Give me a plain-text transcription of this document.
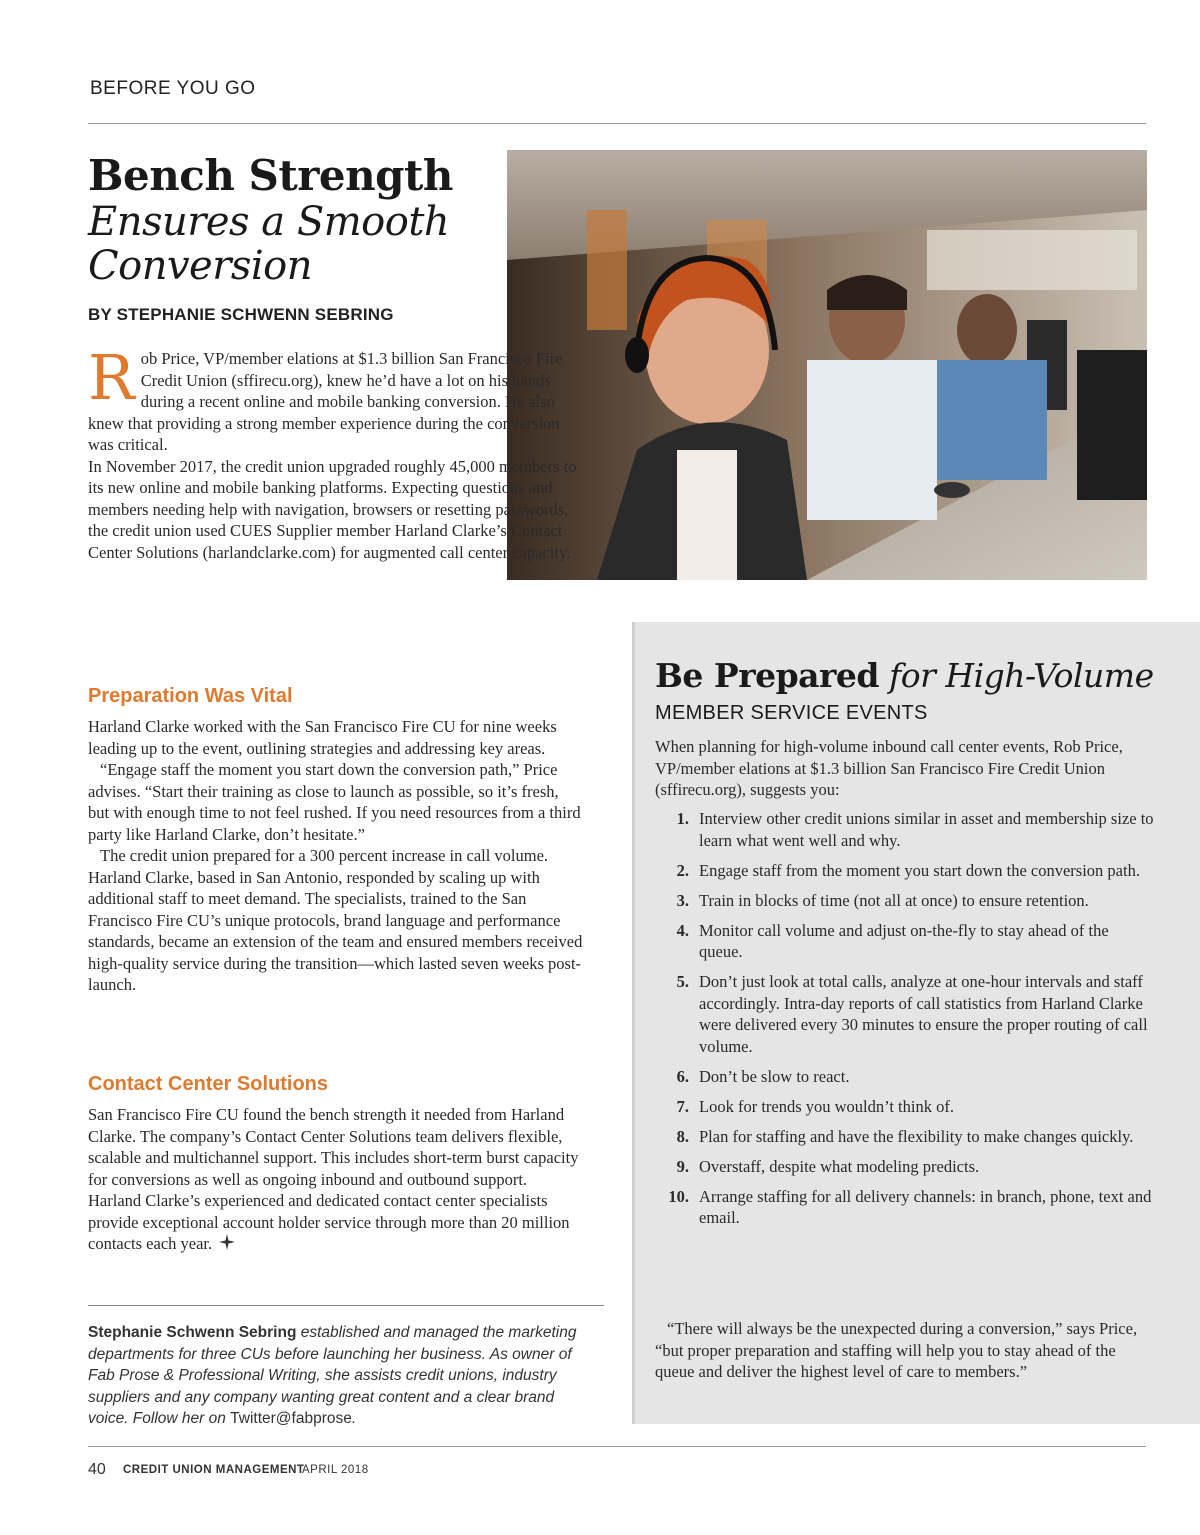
BEFORE YOU GO
Bench Strength
Ensures a Smooth
Conversion
BY STEPHANIE SCHWENN SEBRING
R ob Price, VP/member elations at $1.3 billion San Francisco Fire Credit Union (sffirecu.org), knew he’d have a lot on his hands during a recent online and mobile banking conversion. He also knew that providing a strong member experience during the conversion was critical.

In November 2017, the credit union upgraded roughly 45,000 members to its new online and mobile banking platforms. Expecting questions and members needing help with navigation, browsers or resetting passwords, the credit union used CUES Supplier member Harland Clarke’s Contact Center Solutions (harlandclarke.com) for augmented call center capacity.

Preparation Was Vital

Harland Clarke worked with the San Francisco Fire CU for nine weeks leading up to the event, outlining strategies and addressing key areas.

“Engage staff the moment you start down the conversion path,” Price advises. “Start their training as close to launch as possible, so it’s fresh, but with enough time to not feel rushed. If you need resources from a third party like Harland Clarke, don’t hesitate.”

The credit union prepared for a 300 percent increase in call volume. Harland Clarke, based in San Antonio, responded by scaling up with additional staff to meet demand. The specialists, trained to the San Francisco Fire CU’s unique protocols, brand language and performance standards, became an extension of the team and ensured members received high-quality service during the transition—which lasted seven weeks post-launch.

Contact Center Solutions

San Francisco Fire CU found the bench strength it needed from Harland Clarke. The company’s Contact Center Solutions team delivers flexible, scalable and multichannel support. This includes short-term burst capacity for conversions as well as ongoing inbound and outbound support. Harland Clarke’s experienced and dedicated contact center specialists provide exceptional account holder service through more than 20 million contacts each year.

Stephanie Schwenn Sebring established and managed the marketing departments for three CUs before launching her business. As owner of Fab Prose & Professional Writing, she assists credit unions, industry suppliers and any company wanting great content and a clear brand voice. Follow her on Twitter@fabprose.
Be Prepared for High-Volume
MEMBER SERVICE EVENTS

When planning for high-volume inbound call center events, Rob Price, VP/member elations at $1.3 billion San Francisco Fire Credit Union (sffirecu.org), suggests you:

1. Interview other credit unions similar in asset and membership size to learn what went well and why.
2. Engage staff from the moment you start down the conversion path.
3. Train in blocks of time (not all at once) to ensure retention.
4. Monitor call volume and adjust on-the-fly to stay ahead of the queue.
5. Don’t just look at total calls, analyze at one-hour intervals and staff accordingly. Intra-day reports of call statistics from Harland Clarke were delivered every 30 minutes to ensure the proper routing of call volume.
6. Don’t be slow to react.
7. Look for trends you wouldn’t think of.
8. Plan for staffing and have the flexibility to make changes quickly.
9. Overstaff, despite what modeling predicts.
10. Arrange staffing for all delivery channels: in branch, phone, text and email.

“There will always be the unexpected during a conversion,” says Price, “but proper preparation and staffing will help you to stay ahead of the queue and deliver the highest level of care to members.”

40 CREDIT UNION MANAGEMENT
APRIL 2018
